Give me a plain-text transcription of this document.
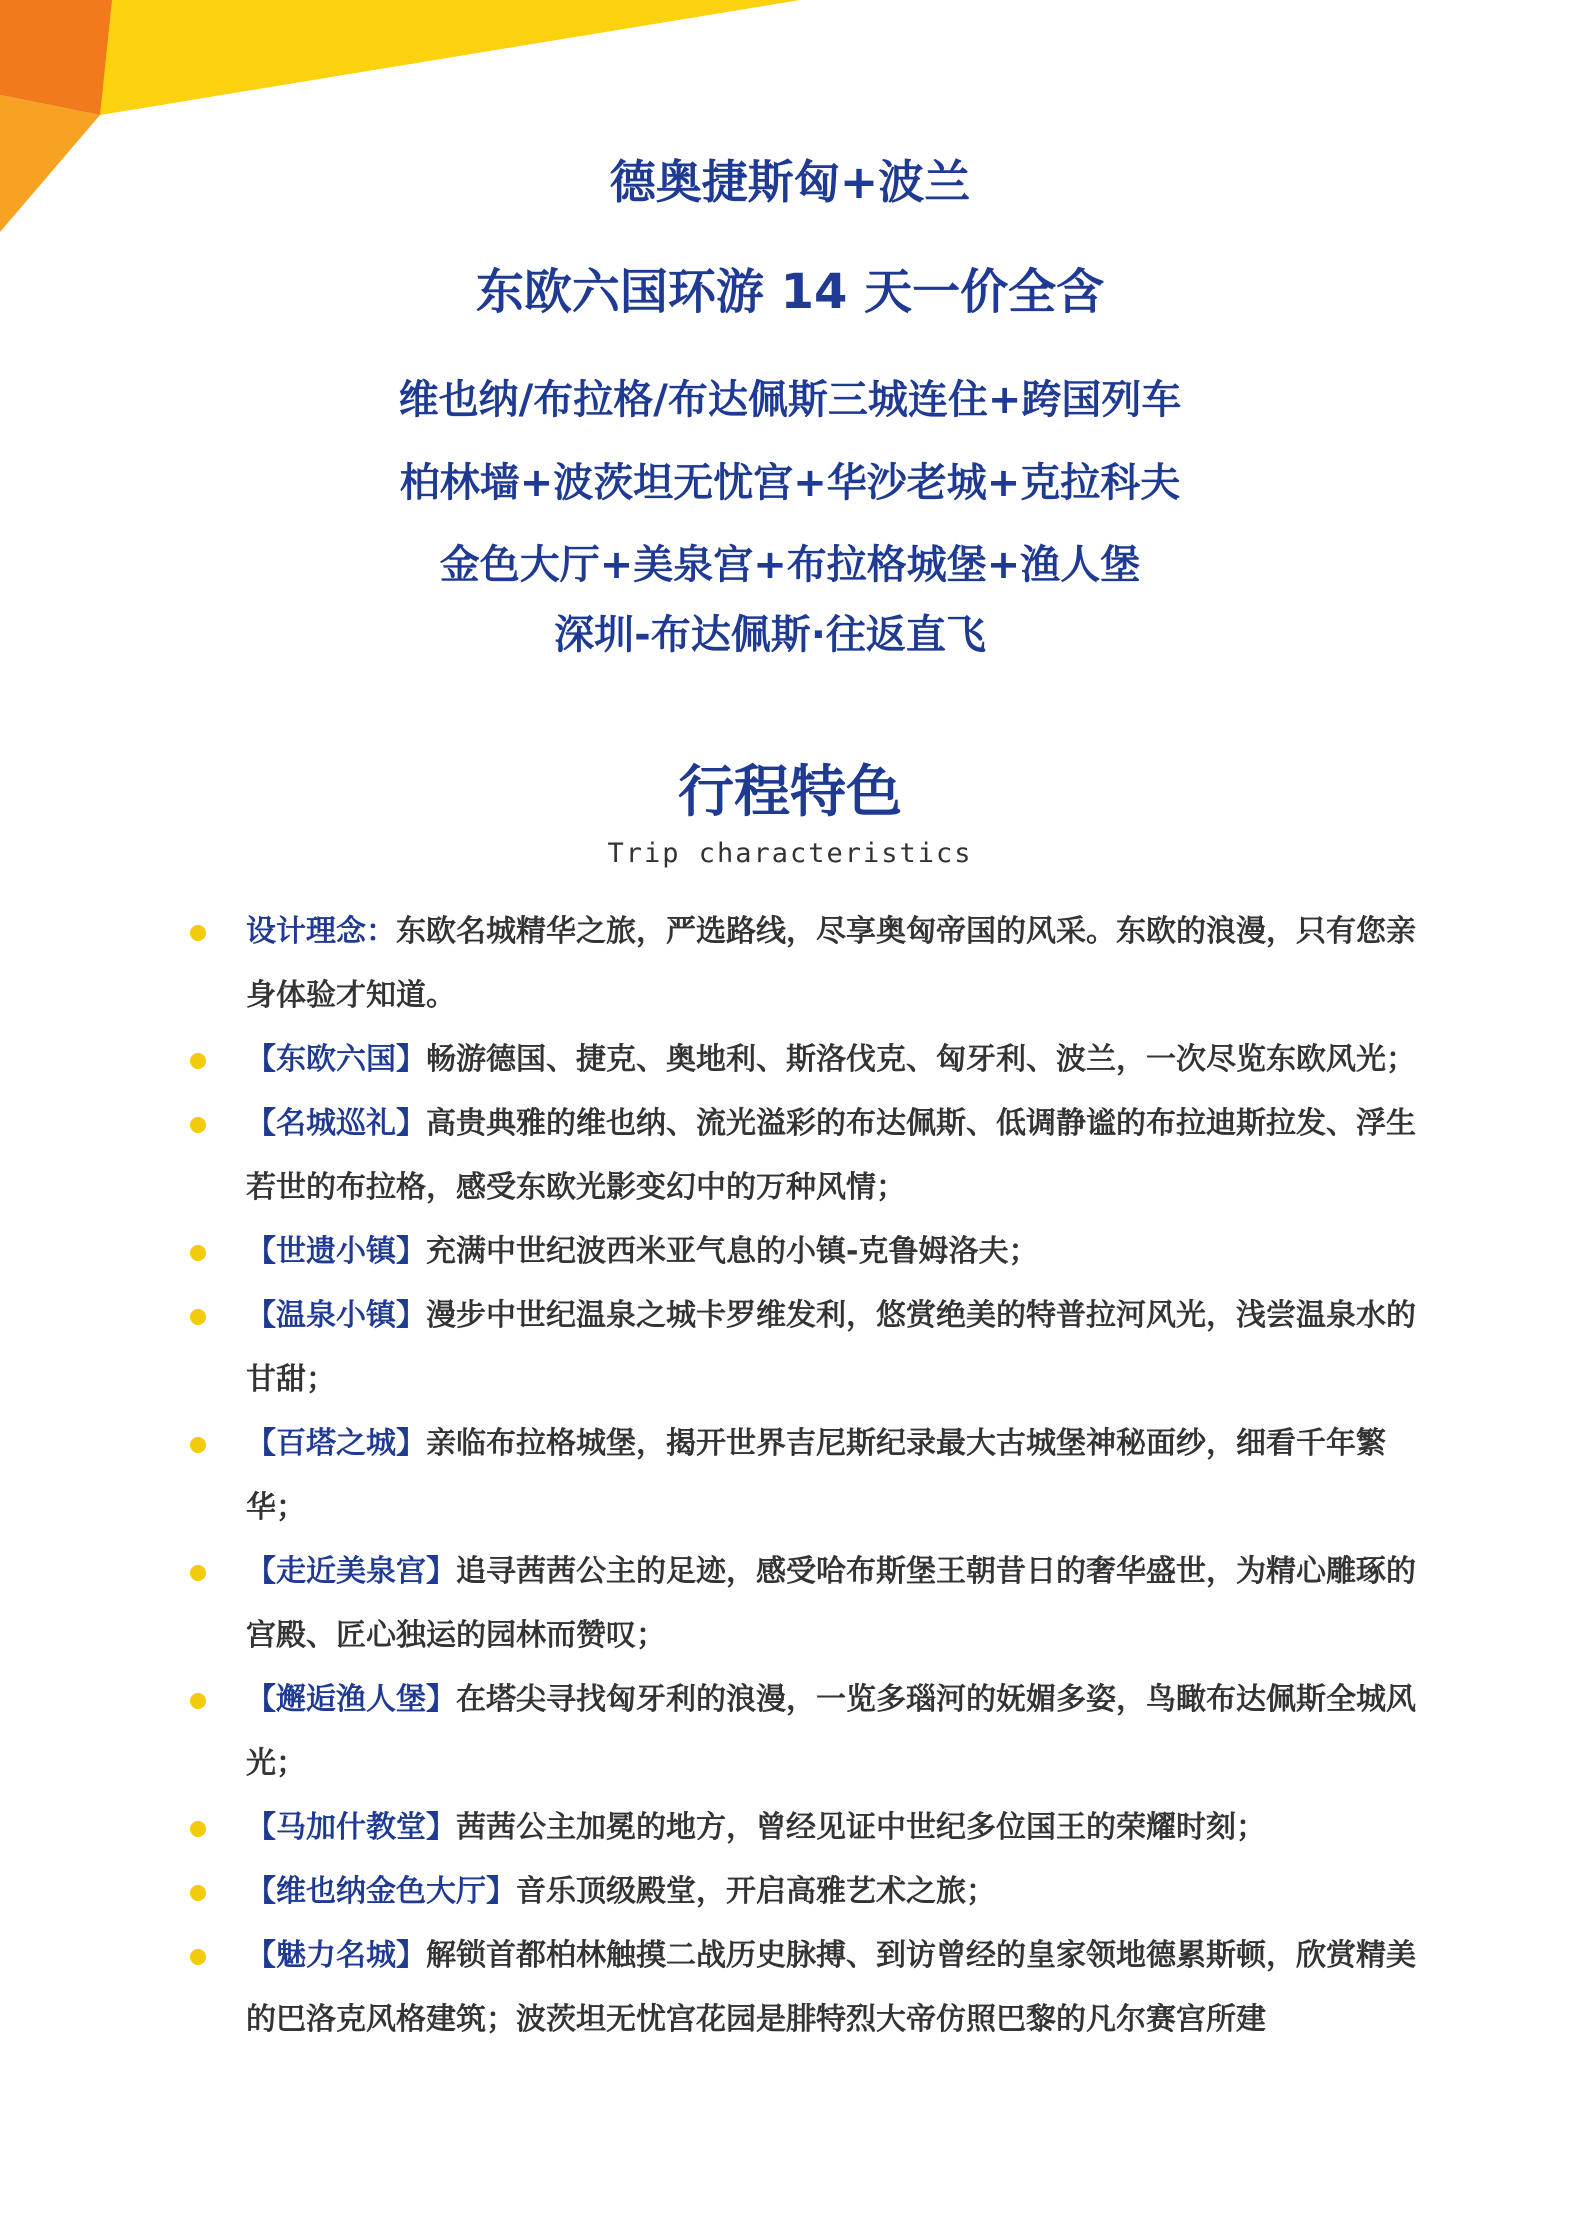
德奥捷斯匈+波兰
东欧六国环游 14 天一价全含
维也纳/布拉格/布达佩斯三城连住+跨国列车
柏林墙+波茨坦无忧宫+华沙老城+克拉科夫
金色大厅+美泉宫+布拉格城堡+渔人堡
深圳-布达佩斯·往返直飞
行程特色
Trip characteristics
设计理念：东欧名城精华之旅，严选路线，尽享奥匈帝国的风采。东欧的浪漫，只有您亲身体验才知道。
【东欧六国】畅游德国、捷克、奥地利、斯洛伐克、匈牙利、波兰，一次尽览东欧风光；
【名城巡礼】高贵典雅的维也纳、流光溢彩的布达佩斯、低调静谧的布拉迪斯拉发、浮生若世的布拉格，感受东欧光影变幻中的万种风情；
【世遗小镇】充满中世纪波西米亚气息的小镇-克鲁姆洛夫；
【温泉小镇】漫步中世纪温泉之城卡罗维发利，悠赏绝美的特普拉河风光，浅尝温泉水的甘甜；
【百塔之城】亲临布拉格城堡，揭开世界吉尼斯纪录最大古城堡神秘面纱，细看千年繁华；
【走近美泉宫】追寻茜茜公主的足迹，感受哈布斯堡王朝昔日的奢华盛世，为精心雕琢的宫殿、匠心独运的园林而赞叹；
【邂逅渔人堡】在塔尖寻找匈牙利的浪漫，一览多瑙河的妩媚多姿，鸟瞰布达佩斯全城风光；
【马加什教堂】茜茜公主加冕的地方，曾经见证中世纪多位国王的荣耀时刻；
【维也纳金色大厅】音乐顶级殿堂，开启高雅艺术之旅；
【魅力名城】解锁首都柏林触摸二战历史脉搏、到访曾经的皇家领地德累斯顿，欣赏精美的巴洛克风格建筑；波茨坦无忧宫花园是腓特烈大帝仿照巴黎的凡尔赛宫所建
